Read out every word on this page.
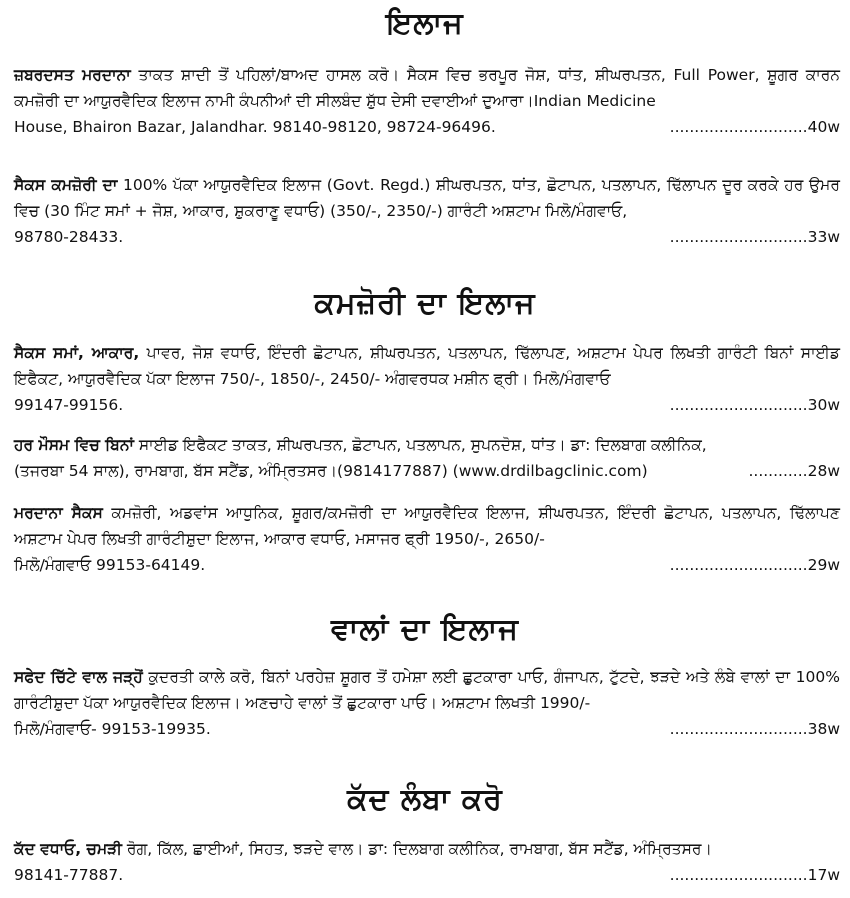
ਇਲਾਜ
ਜ਼ਬਰਦਸਤ ਮਰਦਾਨਾ ਤਾਕਤ ਸ਼ਾਦੀ ਤੋਂ ਪਹਿਲਾਂ/ਬਾਅਦ ਹਾਸਲ ਕਰੋ। ਸੈਕਸ ਵਿਚ ਭਰਪੂਰ ਜੋਸ਼, ਧਾਂਤ, ਸ਼ੀਘਰਪਤਨ, Full Power, ਸ਼ੂਗਰ ਕਾਰਨ ਕਮਜ਼ੋਰੀ ਦਾ ਆਯੁਰਵੈਦਿਕ ਇਲਾਜ ਨਾਮੀ ਕੰਪਨੀਆਂ ਦੀ ਸੀਲਬੰਦ ਸ਼ੁੱਧ ਦੇਸੀ ਦਵਾਈਆਂ ਦੁਆਰਾ।Indian Medicine
House, Bhairon Bazar, Jalandhar. 98140-98120, 98724-96496.	............................40w
ਸੈਕਸ ਕਮਜ਼ੋਰੀ ਦਾ 100% ਪੱਕਾ ਆਯੁਰਵੈਦਿਕ ਇਲਾਜ (Govt. Regd.) ਸ਼ੀਘਰਪਤਨ, ਧਾਂਤ, ਛੋਟਾਪਨ, ਪਤਲਾਪਨ, ਢਿੱਲਾਪਨ ਦੂਰ ਕਰਕੇ ਹਰ ਉਮਰ ਵਿਚ (30 ਮਿੰਟ ਸਮਾਂ + ਜੋਸ਼, ਆਕਾਰ, ਸ਼ੁਕਰਾਣੂ ਵਧਾਓ) (350/-, 2350/-) ਗਾਰੰਟੀ ਅਸ਼ਟਾਮ ਮਿਲੋ/ਮੰਗਵਾਓ,
98780-28433.	............................33w
ਕਮਜ਼ੋਰੀ ਦਾ ਇਲਾਜ
ਸੈਕਸ ਸਮਾਂ, ਆਕਾਰ, ਪਾਵਰ, ਜੋਸ਼ ਵਧਾਓ, ਇੰਦਰੀ ਛੋਟਾਪਨ, ਸ਼ੀਘਰਪਤਨ, ਪਤਲਾਪਨ, ਢਿੱਲਾਪਣ, ਅਸ਼ਟਾਮ ਪੇਪਰ ਲਿਖਤੀ ਗਾਰੰਟੀ ਬਿਨਾਂ ਸਾਈਡ ਇਫੈਕਟ, ਆਯੁਰਵੈਦਿਕ ਪੱਕਾ ਇਲਾਜ 750/-, 1850/-, 2450/- ਅੰਗਵਰਧਕ ਮਸ਼ੀਨ ਫ੍ਰੀ। ਮਿਲੋ/ਮੰਗਵਾਓ
99147-99156.	............................30w
ਹਰ ਮੌਸਮ ਵਿਚ ਬਿਨਾਂ ਸਾਈਡ ਇਫੈਕਟ ਤਾਕਤ, ਸ਼ੀਘਰਪਤਨ, ਛੋਟਾਪਨ, ਪਤਲਾਪਨ, ਸੁਪਨਦੋਸ਼, ਧਾਂਤ। ਡਾ: ਦਿਲਬਾਗ ਕਲੀਨਿਕ,
(ਤਜਰਬਾ 54 ਸਾਲ), ਰਾਮਬਾਗ, ਬੱਸ ਸਟੈਂਡ, ਅੰਮ੍ਰਿਤਸਰ।(9814177887) (www.drdilbagclinic.com)	............28w
ਮਰਦਾਨਾ ਸੈਕਸ ਕਮਜ਼ੋਰੀ, ਅਡਵਾਂਸ ਆਧੁਨਿਕ, ਸ਼ੂਗਰ/ਕਮਜ਼ੋਰੀ ਦਾ ਆਯੁਰਵੈਦਿਕ ਇਲਾਜ, ਸ਼ੀਘਰਪਤਨ, ਇੰਦਰੀ ਛੋਟਾਪਨ, ਪਤਲਾਪਨ, ਢਿੱਲਾਪਣ ਅਸ਼ਟਾਮ ਪੇਪਰ ਲਿਖਤੀ ਗਾਰੰਟੀਸ਼ੁਦਾ ਇਲਾਜ, ਆਕਾਰ ਵਧਾਓ, ਮਸਾਜਰ ਫ੍ਰੀ 1950/-, 2650/-
ਮਿਲੋ/ਮੰਗਵਾਓ 99153-64149.	............................29w
ਵਾਲਾਂ ਦਾ ਇਲਾਜ
ਸਫੇਦ ਚਿੱਟੇ ਵਾਲ ਜੜ੍ਹੋਂ ਕੁਦਰਤੀ ਕਾਲੇ ਕਰੋ, ਬਿਨਾਂ ਪਰਹੇਜ਼ ਸ਼ੂਗਰ ਤੋਂ ਹਮੇਸ਼ਾ ਲਈ ਛੁਟਕਾਰਾ ਪਾਓ, ਗੰਜਾਪਨ, ਟੁੱਟਦੇ, ਝੜਦੇ ਅਤੇ ਲੰਬੇ ਵਾਲਾਂ ਦਾ 100% ਗਾਰੰਟੀਸ਼ੁਦਾ ਪੱਕਾ ਆਯੁਰਵੈਦਿਕ ਇਲਾਜ। ਅਣਚਾਹੇ ਵਾਲਾਂ ਤੋਂ ਛੁਟਕਾਰਾ ਪਾਓ। ਅਸ਼ਟਾਮ ਲਿਖਤੀ 1990/-
ਮਿਲੋ/ਮੰਗਵਾਓ- 99153-19935.	............................38w
ਕੱਦ ਲੰਬਾ ਕਰੋ
ਕੱਦ ਵਧਾਓ, ਚਮੜੀ ਰੋਗ, ਕਿੱਲ, ਛਾਈਆਂ, ਸਿਹਤ, ਝੜਦੇ ਵਾਲ। ਡਾ: ਦਿਲਬਾਗ ਕਲੀਨਿਕ, ਰਾਮਬਾਗ, ਬੱਸ ਸਟੈਂਡ, ਅੰਮ੍ਰਿਤਸਰ।
98141-77887.	............................17w
